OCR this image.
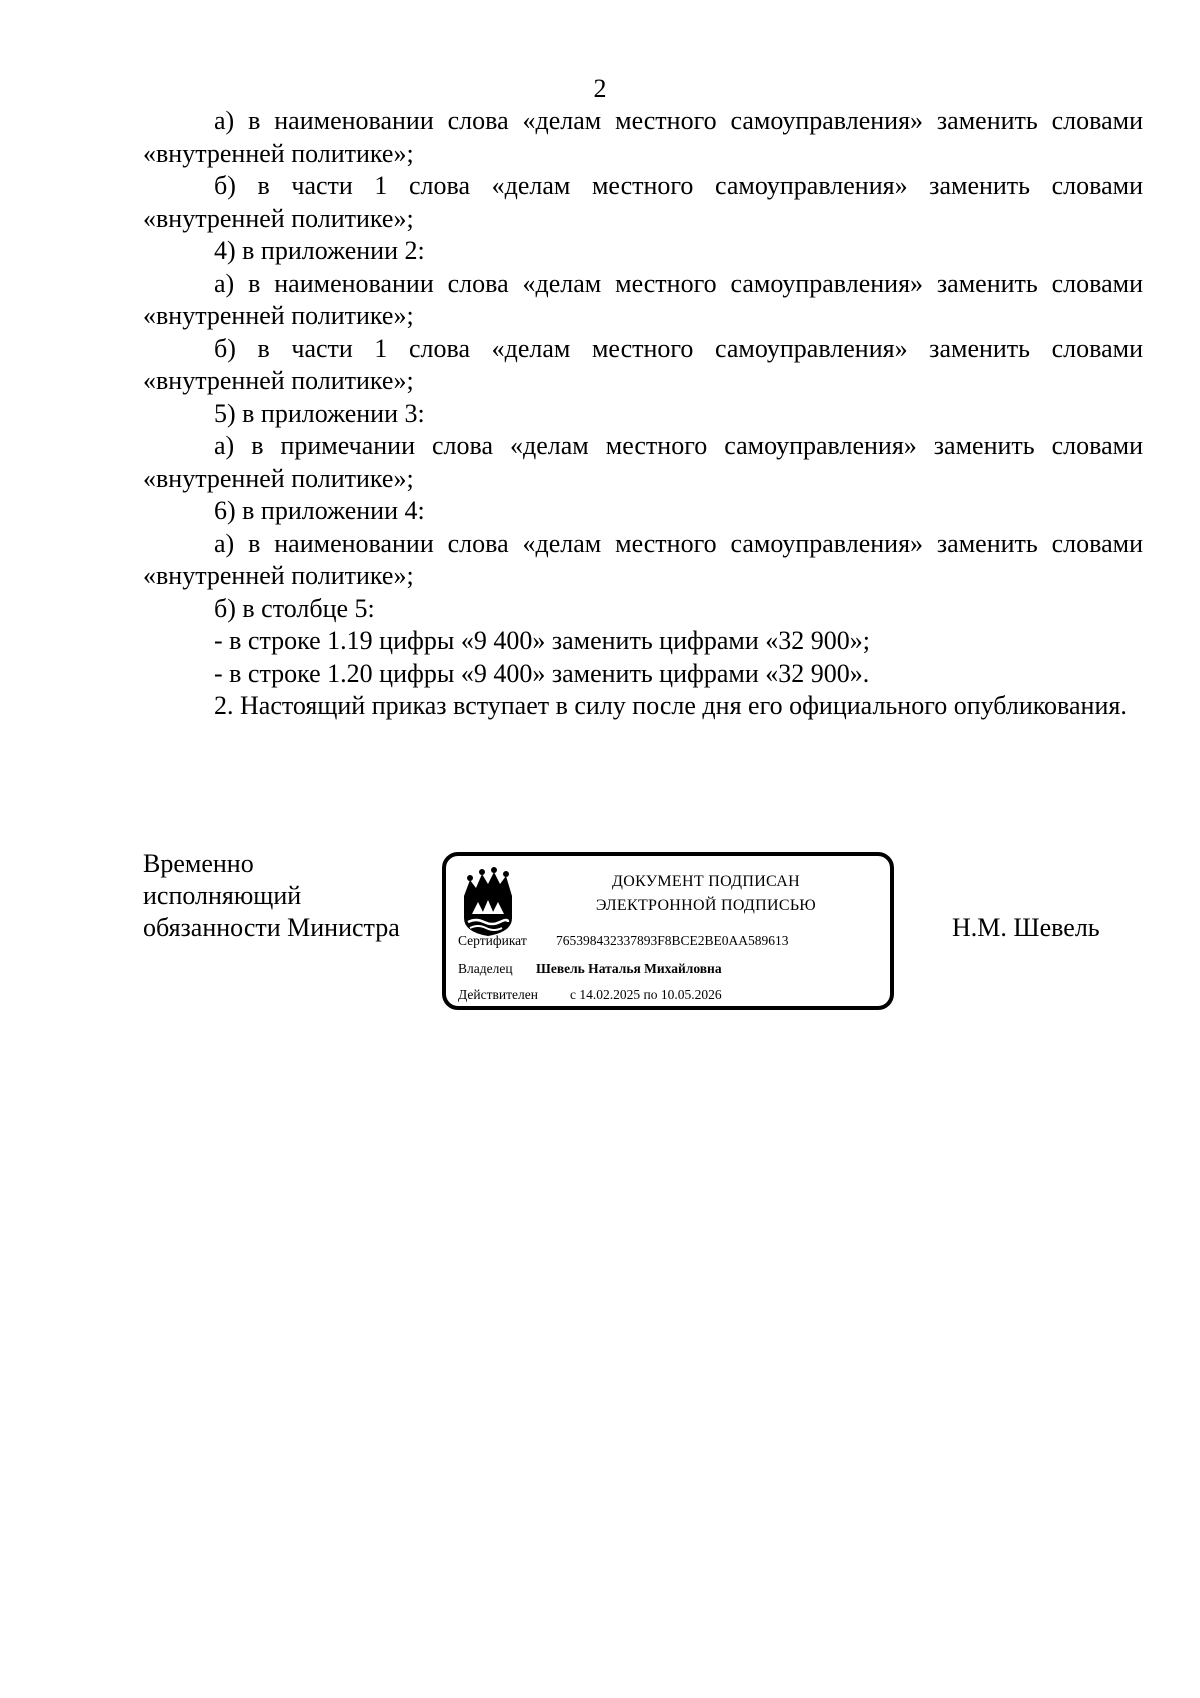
2

а) в наименовании слова «делам местного самоуправления» заменить словами «внутренней политике»;

б) в части 1 слова «делам местного самоуправления» заменить словами «внутренней политике»;

4) в приложении 2:

а) в наименовании слова «делам местного самоуправления» заменить словами «внутренней политике»;

б) в части 1 слова «делам местного самоуправления» заменить словами «внутренней политике»;

5) в приложении 3:

а) в примечании слова «делам местного самоуправления» заменить словами «внутренней политике»;

6) в приложении 4:

а) в наименовании слова «делам местного самоуправления» заменить словами «внутренней политике»;

б) в столбце 5:

- в строке 1.19 цифры «9 400» заменить цифрами «32 900»;

- в строке 1.20 цифры «9 400» заменить цифрами «32 900».

2. Настоящий приказ вступает в силу после дня его официального опубликования.

Временно
исполняющий
обязанности Министра
ДОКУМЕНТ ПОДПИСАН
ЭЛЕКТРОННОЙ ПОДПИСЬЮ
Сертификат 765398432337893F8BCE2BE0AA589613
Владелец Шевель Наталья Михайловна
Действителен с 14.02.2025 по 10.05.2026
Н.М. Шевель
